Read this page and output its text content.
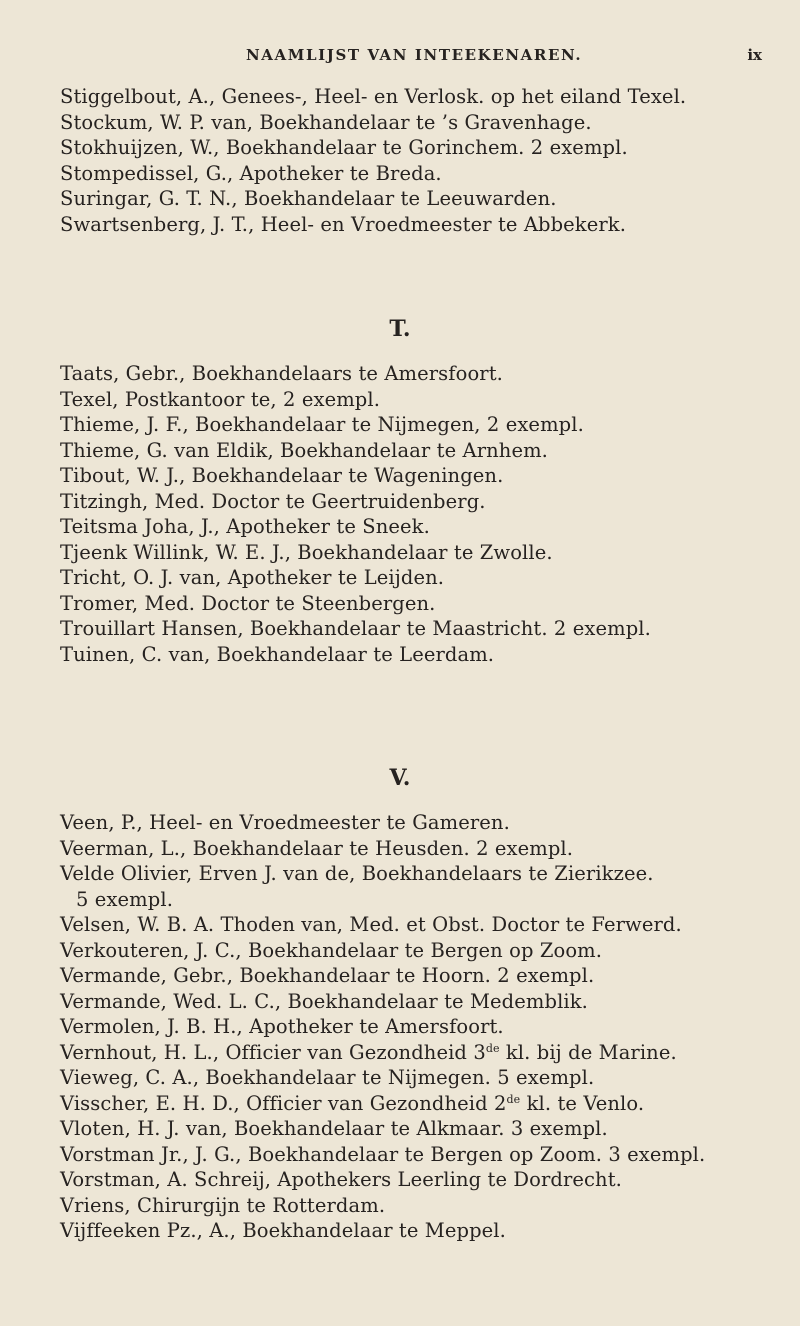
NAAMLIJST VAN INTEEKENAREN.	ix
Stiggelbout, A., Genees-, Heel- en Verlosk. op het eiland Texel.
Stockum, W. P. van, Boekhandelaar te ’s Gravenhage.
Stokhuijzen, W., Boekhandelaar te Gorinchem. 2 exempl.
Stompedissel, G., Apotheker te Breda.
Suringar, G. T. N., Boekhandelaar te Leeuwarden.
Swartsenberg, J. T., Heel- en Vroedmeester te Abbekerk.
T.
Taats, Gebr., Boekhandelaars te Amersfoort.
Texel, Postkantoor te, 2 exempl.
Thieme, J. F., Boekhandelaar te Nijmegen, 2 exempl.
Thieme, G. van Eldik, Boekhandelaar te Arnhem.
Tibout, W. J., Boekhandelaar te Wageningen.
Titzingh, Med. Doctor te Geertruidenberg.
Teitsma Joha, J., Apotheker te Sneek.
Tjeenk Willink, W. E. J., Boekhandelaar te Zwolle.
Tricht, O. J. van, Apotheker te Leijden.
Tromer, Med. Doctor te Steenbergen.
Trouillart Hansen, Boekhandelaar te Maastricht. 2 exempl.
Tuinen, C. van, Boekhandelaar te Leerdam.
V.
Veen, P., Heel- en Vroedmeester te Gameren.
Veerman, L., Boekhandelaar te Heusden. 2 exempl.
Velde Olivier, Erven J. van de, Boekhandelaars te Zierikzee.
5 exempl.
Velsen, W. B. A. Thoden van, Med. et Obst. Doctor te Ferwerd.
Verkouteren, J. C., Boekhandelaar te Bergen op Zoom.
Vermande, Gebr., Boekhandelaar te Hoorn. 2 exempl.
Vermande, Wed. L. C., Boekhandelaar te Medemblik.
Vermolen, J. B. H., Apotheker te Amersfoort.
Vernhout, H. L., Officier van Gezondheid 3de kl. bij de Marine.
Vieweg, C. A., Boekhandelaar te Nijmegen. 5 exempl.
Visscher, E. H. D., Officier van Gezondheid 2de kl. te Venlo.
Vloten, H. J. van, Boekhandelaar te Alkmaar. 3 exempl.
Vorstman Jr., J. G., Boekhandelaar te Bergen op Zoom. 3 exempl.
Vorstman, A. Schreij, Apothekers Leerling te Dordrecht.
Vriens, Chirurgijn te Rotterdam.
Vijffeeken Pz., A., Boekhandelaar te Meppel.
